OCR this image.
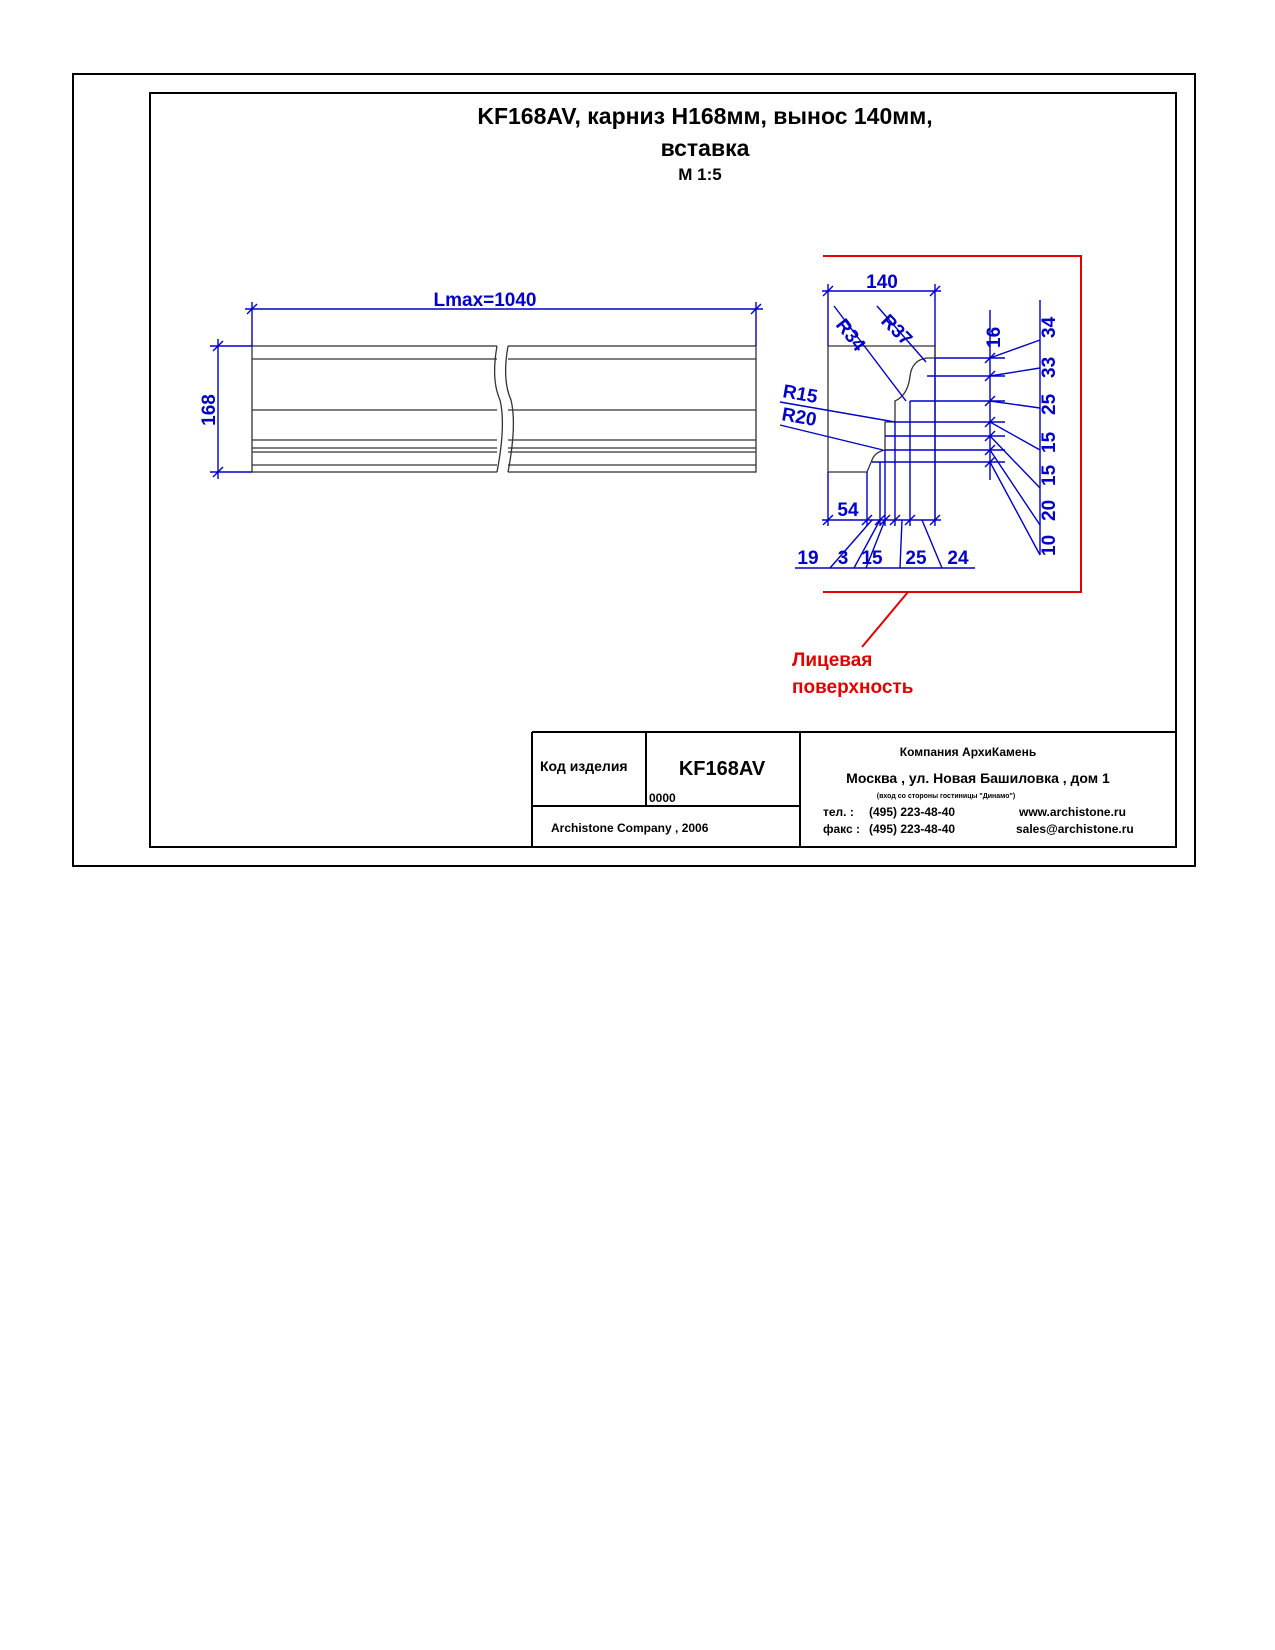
KF168AV, карниз H168мм, вынос 140мм,
вставка
М 1:5
Lmax=1040
168
140
R34 R37
R15
R20
16 34
33
25
15
15
20
10
54
19 3 15 25 24
Лицевая
поверхность
Код изделия	KF168AV
0000
Archistone Company , 2006
Компания АрхиКамень
Москва , ул. Новая Башиловка , дом 1
(вход со стороны гостиницы "Динамо")
тел. : (495) 223-48-40
факс : (495) 223-48-40
www.archistone.ru
sales@archistone.ru
